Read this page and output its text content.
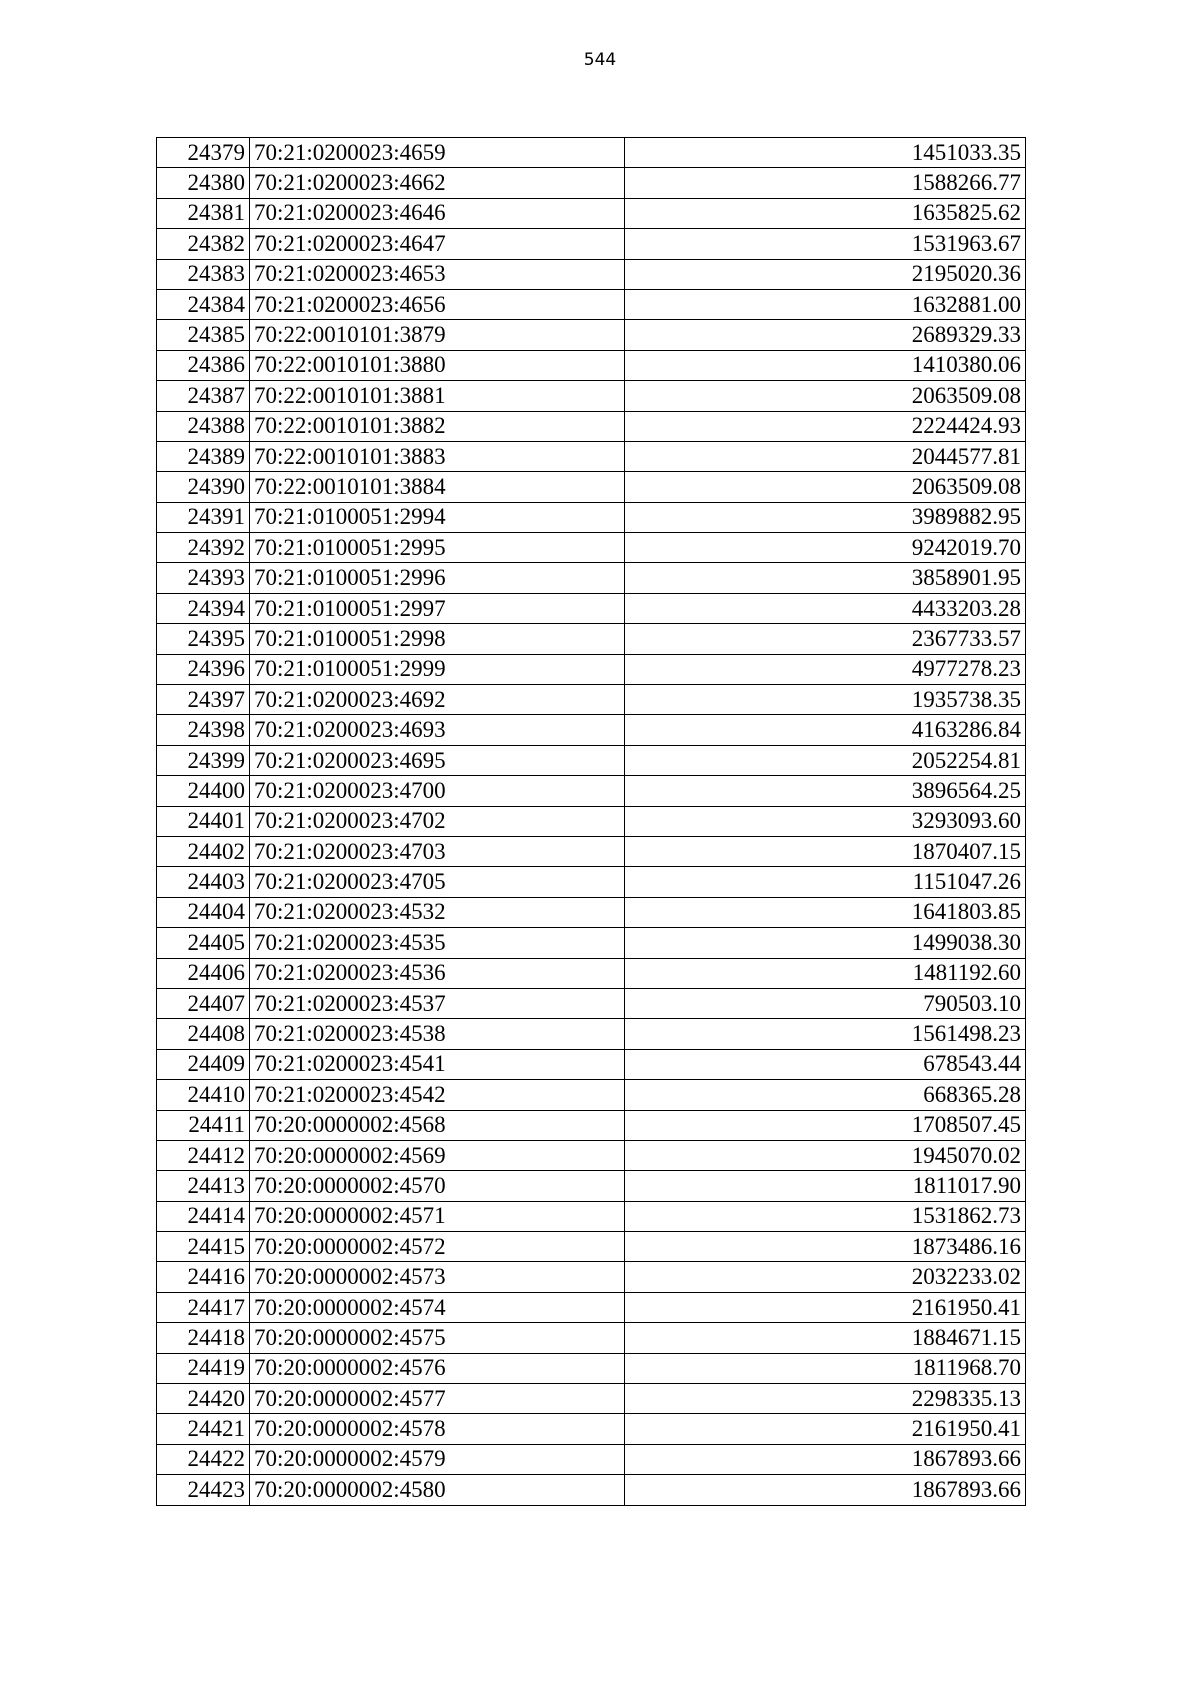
544
24379	70:21:0200023:4659	1451033.35
24380	70:21:0200023:4662	1588266.77
24381	70:21:0200023:4646	1635825.62
24382	70:21:0200023:4647	1531963.67
24383	70:21:0200023:4653	2195020.36
24384	70:21:0200023:4656	1632881.00
24385	70:22:0010101:3879	2689329.33
24386	70:22:0010101:3880	1410380.06
24387	70:22:0010101:3881	2063509.08
24388	70:22:0010101:3882	2224424.93
24389	70:22:0010101:3883	2044577.81
24390	70:22:0010101:3884	2063509.08
24391	70:21:0100051:2994	3989882.95
24392	70:21:0100051:2995	9242019.70
24393	70:21:0100051:2996	3858901.95
24394	70:21:0100051:2997	4433203.28
24395	70:21:0100051:2998	2367733.57
24396	70:21:0100051:2999	4977278.23
24397	70:21:0200023:4692	1935738.35
24398	70:21:0200023:4693	4163286.84
24399	70:21:0200023:4695	2052254.81
24400	70:21:0200023:4700	3896564.25
24401	70:21:0200023:4702	3293093.60
24402	70:21:0200023:4703	1870407.15
24403	70:21:0200023:4705	1151047.26
24404	70:21:0200023:4532	1641803.85
24405	70:21:0200023:4535	1499038.30
24406	70:21:0200023:4536	1481192.60
24407	70:21:0200023:4537	790503.10
24408	70:21:0200023:4538	1561498.23
24409	70:21:0200023:4541	678543.44
24410	70:21:0200023:4542	668365.28
24411	70:20:0000002:4568	1708507.45
24412	70:20:0000002:4569	1945070.02
24413	70:20:0000002:4570	1811017.90
24414	70:20:0000002:4571	1531862.73
24415	70:20:0000002:4572	1873486.16
24416	70:20:0000002:4573	2032233.02
24417	70:20:0000002:4574	2161950.41
24418	70:20:0000002:4575	1884671.15
24419	70:20:0000002:4576	1811968.70
24420	70:20:0000002:4577	2298335.13
24421	70:20:0000002:4578	2161950.41
24422	70:20:0000002:4579	1867893.66
24423	70:20:0000002:4580	1867893.66
